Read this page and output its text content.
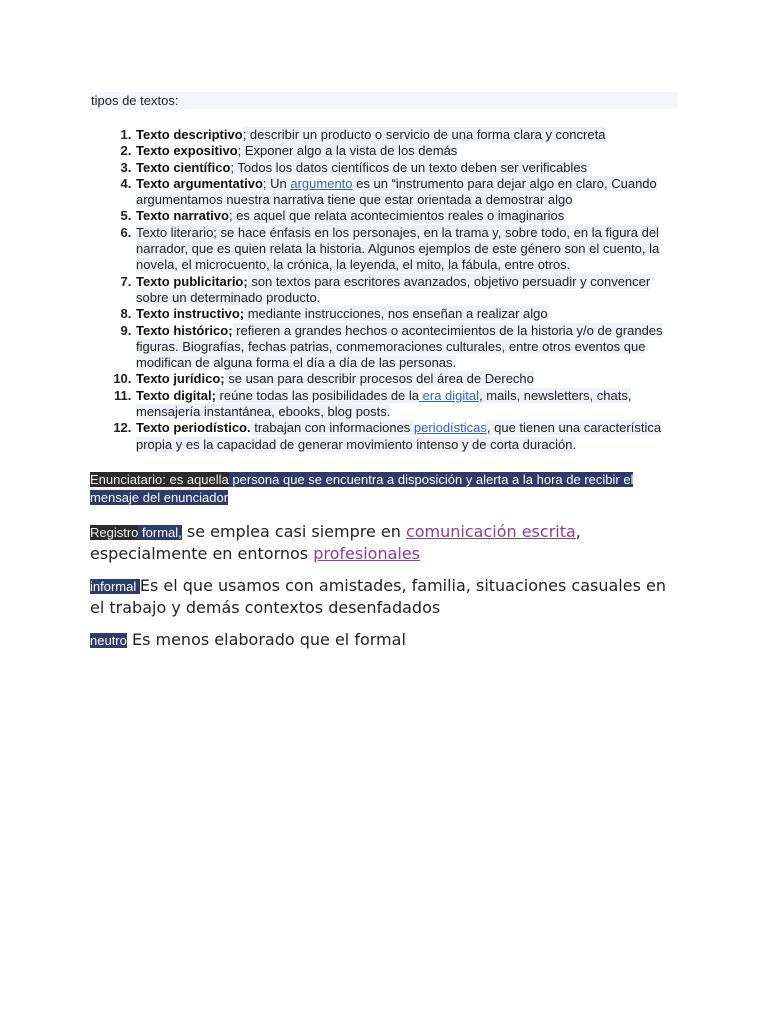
tipos de textos:
1. Texto descriptivo; describir un producto o servicio de una forma clara y concreta
2. Texto expositivo; Exponer algo a la vista de los demás
3. Texto científico; Todos los datos científicos de un texto deben ser verificables
4. Texto argumentativo; Un argumento es un “instrumento para dejar algo en claro, Cuando argumentamos nuestra narrativa tiene que estar orientada a demostrar algo
5. Texto narrativo; es aquel que relata acontecimientos reales o imaginarios
6. Texto literario; se hace énfasis en los personajes, en la trama y, sobre todo, en la figura del narrador, que es quien relata la historia. Algunos ejemplos de este género son el cuento, la novela, el microcuento, la crónica, la leyenda, el mito, la fábula, entre otros.
7. Texto publicitario; son textos para escritores avanzados, objetivo persuadir y convencer sobre un determinado producto.
8. Texto instructivo; mediante instrucciones, nos enseñan a realizar algo
9. Texto histórico; refieren a grandes hechos o acontecimientos de la historia y/o de grandes figuras. Biografías, fechas patrias, conmemoraciones culturales, entre otros eventos que modifican de alguna forma el día a día de las personas.
10. Texto jurídico; se usan para describir procesos del área de Derecho
11. Texto digital; reúne todas las posibilidades de la era digital, mails, newsletters, chats, mensajería instantánea, ebooks, blog posts.
12. Texto periodístico. trabajan con informaciones periodísticas, que tienen una característica propia y es la capacidad de generar movimiento intenso y de corta duración.
Enunciatario: es aquella persona que se encuentra a disposición y alerta a la hora de recibir el mensaje del enunciador
Registro formal, se emplea casi siempre en comunicación escrita, especialmente en entornos profesionales
informal Es el que usamos con amistades, familia, situaciones casuales en el trabajo y demás contextos desenfadados
neutro Es menos elaborado que el formal
